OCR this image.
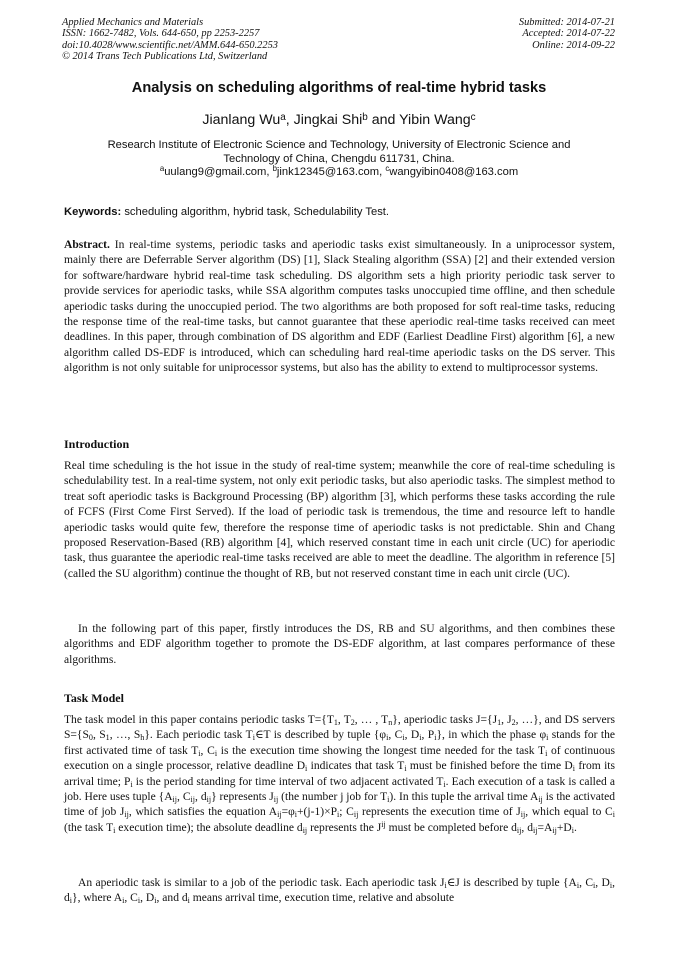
Applied Mechanics and Materials
ISSN: 1662-7482, Vols. 644-650, pp 2253-2257
doi:10.4028/www.scientific.net/AMM.644-650.2253
© 2014 Trans Tech Publications Ltd, Switzerland
Submitted: 2014-07-21
Accepted: 2014-07-22
Online: 2014-09-22
Analysis on scheduling algorithms of real-time hybrid tasks
Jianlang Wu$^a$, Jingkai Shi$^b$ and Yibin Wang$^c$
Research Institute of Electronic Science and Technology, University of Electronic Science and
Technology of China, Chengdu 611731, China.
$^a$uulang9@gmail.com, $^b$jink12345@163.com, $^c$wangyibin0408@163.com
Keywords: scheduling algorithm, hybrid task, Schedulability Test.
Abstract. In real-time systems, periodic tasks and aperiodic tasks exist simultaneously. In a uniprocessor system, mainly there are Deferrable Server algorithm (DS) [1], Slack Stealing algorithm (SSA) [2] and their extended version for software/hardware hybrid real-time task scheduling. DS algorithm sets a high priority periodic task server to provide services for aperiodic tasks, while SSA algorithm computes tasks unoccupied time offline, and then schedule aperiodic tasks during the unoccupied period. The two algorithms are both proposed for soft real-time tasks, reducing the response time of the real-time tasks, but cannot guarantee that these aperiodic real-time tasks received can meet deadlines. In this paper, through combination of DS algorithm and EDF (Earliest Deadline First) algorithm [6], a new algorithm called DS-EDF is introduced, which can scheduling hard real-time aperiodic tasks on the DS server. This algorithm is not only suitable for uniprocessor systems, but also has the ability to extend to multiprocessor systems.
Introduction

Real time scheduling is the hot issue in the study of real-time system; meanwhile the core of real-time scheduling is schedulability test. In a real-time system, not only exit periodic tasks, but also aperiodic tasks. The simplest method to treat soft aperiodic tasks is Background Processing (BP) algorithm [3], which performs these tasks according the rule of FCFS (First Come First Served). If the load of periodic task is tremendous, the time and resource left to handle aperiodic tasks would quite few, therefore the response time of aperiodic tasks is not predictable. Shin and Chang proposed Reservation-Based (RB) algorithm [4], which reserved constant time in each unit circle (UC) for aperiodic task, thus guarantee the aperiodic real-time tasks received are able to meet the deadline. The algorithm in reference [5] (called the SU algorithm) continue the thought of RB, but not reserved constant time in each unit circle (UC).

In the following part of this paper, firstly introduces the DS, RB and SU algorithms, and then combines these algorithms and EDF algorithm together to promote the DS-EDF algorithm, at last compares performance of these algorithms.

Task Model

The task model in this paper contains periodic tasks $T=\{T_1$, $T_2$, … , $T_n$}, aperiodic tasks $J=\{J_1$, $J_2$, …}, and DS servers $S=\{S_0$, $S_1$, …, $S_h$}. Each periodic task $T_i\in T$ is described by tuple {$\varphi_i$, $C_i$, $D_i$, $P_i$}, in which the phase $\varphi_i$ stands for the first activated time of task $T_i$, $C_i$ is the execution time showing the longest time needed for the task $T_i$ of continuous execution on a single processor, relative deadline $D_i$ indicates that task $T_i$ must be finished before the time $D_i$ from its arrival time; $P_i$ is the period standing for time interval of two adjacent activated $T_i$. Each execution of a task is called a job. Here uses tuple {$A_{ij}$, $C_{ij}$, $d_{ij}$} represents $J_{ij}$ (the number j job for $T_i$). In this tuple the arrival time $A_{ij}$ is the activated time of job $J_{ij}$, which satisfies the equation $A_{ij}=\varphi_i+(j-1)\times P_i$; $C_{ij}$ represents the execution time of $J_{ij}$, which equal to $C_i$ (the task $T_i$ execution time); the absolute deadline $d_{ij}$ represents the $J^{ij}$ must be completed before $d_{ij}$, $d_{ij}=A_{ij}+D_i$.

An aperiodic task is similar to a job of the periodic task. Each aperiodic task $J_i\in J$ is described by tuple {$A_i$, $C_i$, $D_i$, $d_i$}, where $A_i$, $C_i$, $D_i$, and $d_i$ means arrival time, execution time, relative and absolute
